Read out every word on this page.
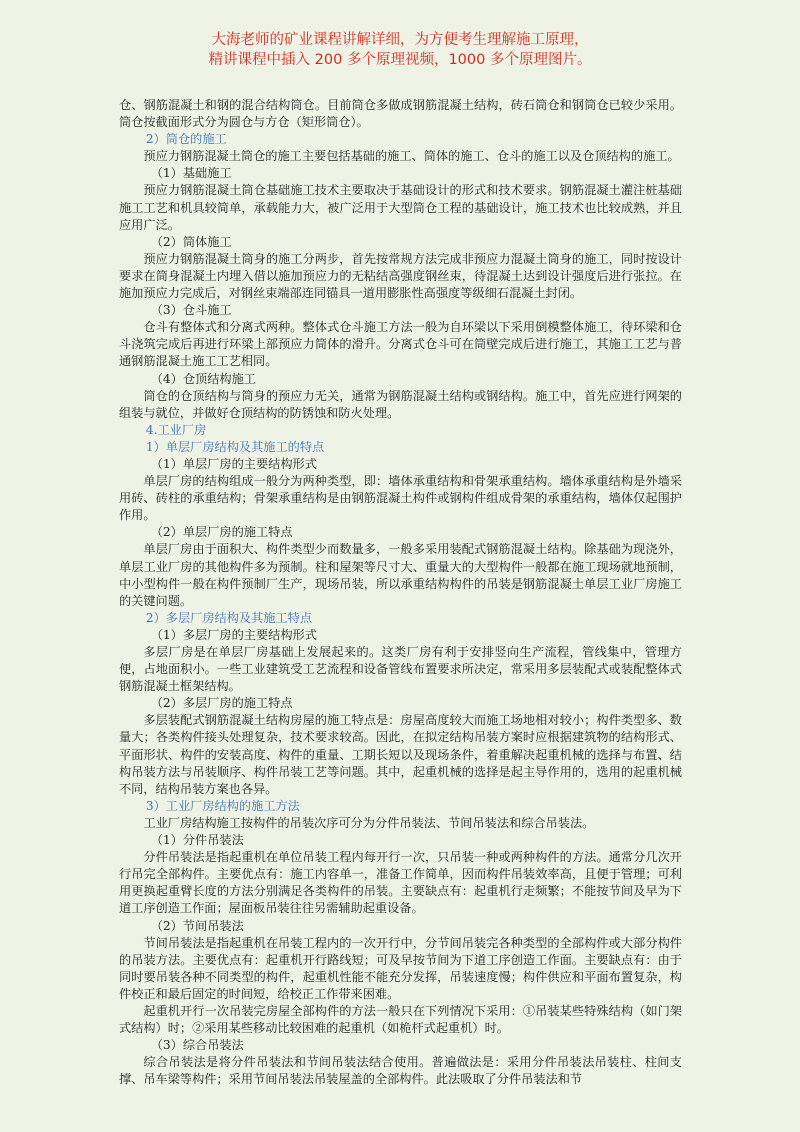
大海老师的矿业课程讲解详细，为方便考生理解施工原理，
精讲课程中插入 200 多个原理视频，1000 多个原理图片。

仓、钢筋混凝土和钢的混合结构筒仓。目前筒仓多做成钢筋混凝土结构，砖石筒仓和钢筒仓已较少采用。筒仓按截面形式分为圆仓与方仓（矩形筒仓）。

2）筒仓的施工

预应力钢筋混凝土筒仓的施工主要包括基础的施工、筒体的施工、仓斗的施工以及仓顶结构的施工。

（1）基础施工

预应力钢筋混凝土筒仓基础施工技术主要取决于基础设计的形式和技术要求。钢筋混凝土灌注桩基础施工工艺和机具较简单，承载能力大，被广泛用于大型筒仓工程的基础设计，施工技术也比较成熟，并且应用广泛。

（2）筒体施工

预应力钢筋混凝土筒身的施工分两步，首先按常规方法完成非预应力混凝土筒身的施工，同时按设计要求在筒身混凝土内埋入借以施加预应力的无粘结高强度钢丝束，待混凝土达到设计强度后进行张拉。在施加预应力完成后，对钢丝束端部连同锚具一道用膨胀性高强度等级细石混凝土封闭。

（3）仓斗施工

仓斗有整体式和分离式两种。整体式仓斗施工方法一般为自环梁以下采用倒模整体施工，待环梁和仓斗浇筑完成后再进行环梁上部预应力筒体的滑升。分离式仓斗可在筒壁完成后进行施工，其施工工艺与普通钢筋混凝土施工工艺相同。

（4）仓顶结构施工

筒仓的仓顶结构与筒身的预应力无关，通常为钢筋混凝土结构或钢结构。施工中，首先应进行网架的组装与就位，并做好仓顶结构的防锈蚀和防火处理。

4.工业厂房

1）单层厂房结构及其施工的特点

（1）单层厂房的主要结构形式

单层厂房的结构组成一般分为两种类型，即：墙体承重结构和骨架承重结构。墙体承重结构是外墙采用砖、砖柱的承重结构；骨架承重结构是由钢筋混凝土构件或钢构件组成骨架的承重结构，墙体仅起围护作用。

（2）单层厂房的施工特点

单层厂房由于面积大、构件类型少而数量多，一般多采用装配式钢筋混凝土结构。除基础为现浇外，单层工业厂房的其他构件多为预制。柱和屋架等尺寸大、重量大的大型构件一般都在施工现场就地预制，中小型构件一般在构件预制厂生产，现场吊装，所以承重结构构件的吊装是钢筋混凝土单层工业厂房施工的关键问题。

2）多层厂房结构及其施工特点

（1）多层厂房的主要结构形式

多层厂房是在单层厂房基础上发展起来的。这类厂房有利于安排竖向生产流程，管线集中，管理方便，占地面积小。一些工业建筑受工艺流程和设备管线布置要求所决定，常采用多层装配式或装配整体式钢筋混凝土框架结构。

（2）多层厂房的施工特点

多层装配式钢筋混凝土结构房屋的施工特点是：房屋高度较大而施工场地相对较小；构件类型多、数量大；各类构件接头处理复杂，技术要求较高。因此，在拟定结构吊装方案时应根据建筑物的结构形式、平面形状、构件的安装高度、构件的重量、工期长短以及现场条件，着重解决起重机械的选择与布置、结构吊装方法与吊装顺序、构件吊装工艺等问题。其中，起重机械的选择是起主导作用的，选用的起重机械不同，结构吊装方案也各异。

3）工业厂房结构的施工方法

工业厂房结构施工按构件的吊装次序可分为分件吊装法、节间吊装法和综合吊装法。

（1）分件吊装法

分件吊装法是指起重机在单位吊装工程内每开行一次，只吊装一种或两种构件的方法。通常分几次开行吊完全部构件。主要优点有：施工内容单一，准备工作简单，因而构件吊装效率高，且便于管理；可利用更换起重臂长度的方法分别满足各类构件的吊装。主要缺点有：起重机行走频繁；不能按节间及早为下道工序创造工作面；屋面板吊装往往另需辅助起重设备。

（2）节间吊装法

节间吊装法是指起重机在吊装工程内的一次开行中，分节间吊装完各种类型的全部构件或大部分构件的吊装方法。主要优点有：起重机开行路线短；可及早按节间为下道工序创造工作面。主要缺点有：由于同时要吊装各种不同类型的构件，起重机性能不能充分发挥，吊装速度慢；构件供应和平面布置复杂，构件校正和最后固定的时间短，给校正工作带来困难。

起重机开行一次吊装完房屋全部构件的方法一般只在下列情况下采用：①吊装某些特殊结构（如门架式结构）时；②采用某些移动比较困难的起重机（如桅杆式起重机）时。

（3）综合吊装法

综合吊装法是将分件吊装法和节间吊装法结合使用。普遍做法是：采用分件吊装法吊装柱、柱间支撑、吊车梁等构件；采用节间吊装法吊装屋盖的全部构件。此法吸取了分件吊装法和节
